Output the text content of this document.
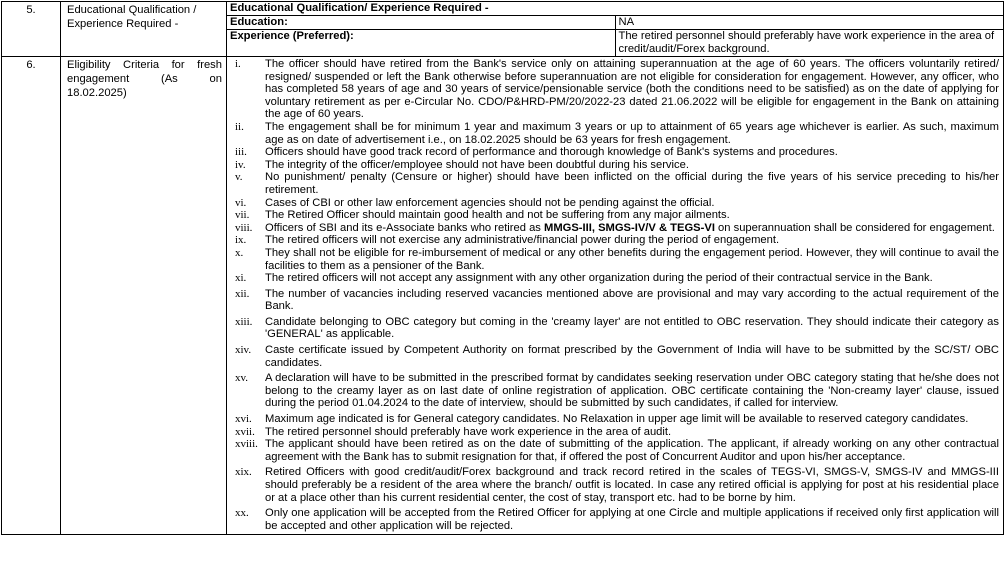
5.	Educational Qualification / Experience Required -	
Educational Qualification/ Experience Required -
Education:	NA
Experience (Preferred):	The retired personnel should preferably have work experience in the area of credit/audit/Forex background.

6.	Eligibility Criteria for fresh engagement (As on 18.02.2025)	
i.	The officer should have retired from the Bank's service only on attaining superannuation at the age of 60 years. The officers voluntarily retired/ resigned/ suspended or left the Bank otherwise before superannuation are not eligible for consideration for engagement. However, any officer, who has completed 58 years of age and 30 years of service/pensionable service (both the conditions need to be satisfied) as on the date of applying for voluntary retirement as per e-Circular No. CDO/P&HRD-PM/20/2022-23 dated 21.06.2022 will be eligible for engagement in the Bank on attaining the age of 60 years.
ii.	The engagement shall be for minimum 1 year and maximum 3 years or up to attainment of 65 years age whichever is earlier. As such, maximum age as on date of advertisement i.e., on 18.02.2025 should be 63 years for fresh engagement.
iii.	Officers should have good track record of performance and thorough knowledge of Bank's systems and procedures.
iv.	The integrity of the officer/employee should not have been doubtful during his service.
v.	No punishment/ penalty (Censure or higher) should have been inflicted on the official during the five years of his service preceding to his/her retirement.
vi.	Cases of CBI or other law enforcement agencies should not be pending against the official.
vii.	The Retired Officer should maintain good health and not be suffering from any major ailments.
viii.	Officers of SBI and its e-Associate banks who retired as MMGS-III, SMGS-IV/V & TEGS-VI on superannuation shall be considered for engagement.
ix.	The retired officers will not exercise any administrative/financial power during the period of engagement.
x.	They shall not be eligible for re-imbursement of medical or any other benefits during the engagement period. However, they will continue to avail the facilities to them as a pensioner of the Bank.
xi.	The retired officers will not accept any assignment with any other organization during the period of their contractual service in the Bank.
xii.	The number of vacancies including reserved vacancies mentioned above are provisional and may vary according to the actual requirement of the Bank.
xiii.	Candidate belonging to OBC category but coming in the 'creamy layer' are not entitled to OBC reservation. They should indicate their category as 'GENERAL' as applicable.
xiv.	Caste certificate issued by Competent Authority on format prescribed by the Government of India will have to be submitted by the SC/ST/ OBC candidates.
xv.	A declaration will have to be submitted in the prescribed format by candidates seeking reservation under OBC category stating that he/she does not belong to the creamy layer as on last date of online registration of application. OBC certificate containing the 'Non-creamy layer' clause, issued during the period 01.04.2024 to the date of interview, should be submitted by such candidates, if called for interview.
xvi.	Maximum age indicated is for General category candidates. No Relaxation in upper age limit will be available to reserved category candidates.
xvii. The retired personnel should preferably have work experience in the area of audit.
xviii. The applicant should have been retired as on the date of submitting of the application. The applicant, if already working on any other contractual agreement with the Bank has to submit resignation for that, if offered the post of Concurrent Auditor and upon his/her acceptance.
xix.	Retired Officers with good credit/audit/Forex background and track record retired in the scales of TEGS-VI, SMGS-V, SMGS-IV and MMGS-III should preferably be a resident of the area where the branch/ outfit is located. In case any retired official is applying for post at his residential place or at a place other than his current residential center, the cost of stay, transport etc. had to be borne by him.
xx.	Only one application will be accepted from the Retired Officer for applying at one Circle and multiple applications if received only first application will be accepted and other application will be rejected.
